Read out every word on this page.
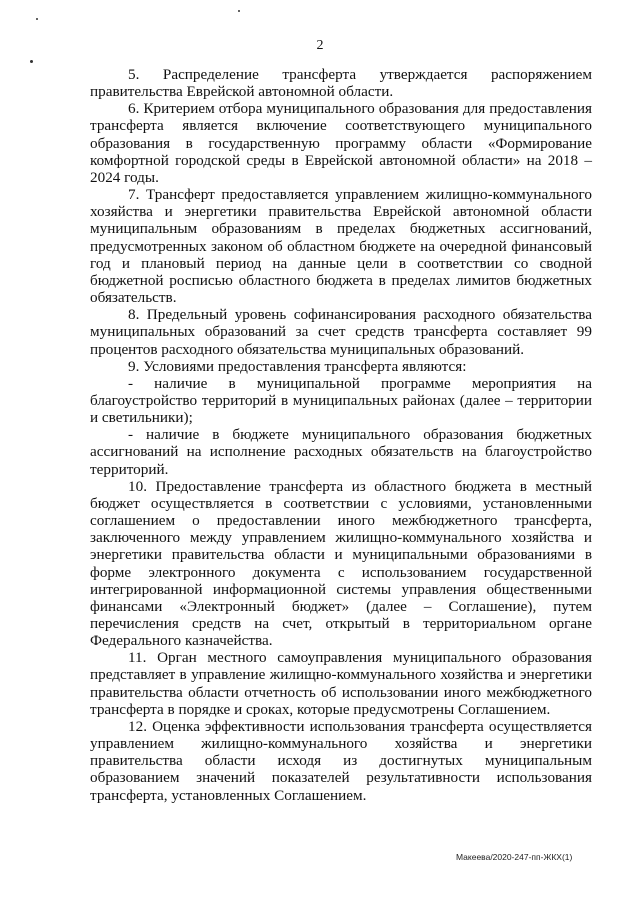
2

5. Распределение трансферта утверждается распоряжением правительства Еврейской автономной области.

6. Критерием отбора муниципального образования для предоставления трансферта является включение соответствующего муниципального образования в государственную программу области «Формирование комфортной городской среды в Еврейской автономной области» на 2018 – 2024 годы.

7. Трансферт предоставляется управлением жилищно-коммунального хозяйства и энергетики правительства Еврейской автономной области муниципальным образованиям в пределах бюджетных ассигнований, предусмотренных законом об областном бюджете на очередной финансовый год и плановый период на данные цели в соответствии со сводной бюджетной росписью областного бюджета в пределах лимитов бюджетных обязательств.

8. Предельный уровень софинансирования расходного обязательства муниципальных образований за счет средств трансферта составляет 99 процентов расходного обязательства муниципальных образований.

9. Условиями предоставления трансферта являются:

- наличие в муниципальной программе мероприятия на благоустройство территорий в муниципальных районах (далее – территории и светильники);

- наличие в бюджете муниципального образования бюджетных ассигнований на исполнение расходных обязательств на благоустройство территорий.

10. Предоставление трансферта из областного бюджета в местный бюджет осуществляется в соответствии с условиями, установленными соглашением о предоставлении иного межбюджетного трансферта, заключенного между управлением жилищно-коммунального хозяйства и энергетики правительства области и муниципальными образованиями в форме электронного документа с использованием государственной интегрированной информационной системы управления общественными финансами «Электронный бюджет» (далее – Соглашение), путем перечисления средств на счет, открытый в территориальном органе Федерального казначейства.

11. Орган местного самоуправления муниципального образования представляет в управление жилищно-коммунального хозяйства и энергетики правительства области отчетность об использовании иного межбюджетного трансферта в порядке и сроках, которые предусмотрены Соглашением.

12. Оценка эффективности использования трансферта осуществляется управлением жилищно-коммунального хозяйства и энергетики правительства области исходя из достигнутых муниципальным образованием значений показателей результативности использования трансферта, установленных Соглашением.

Макеева/2020-247-пп-ЖКХ(1)
